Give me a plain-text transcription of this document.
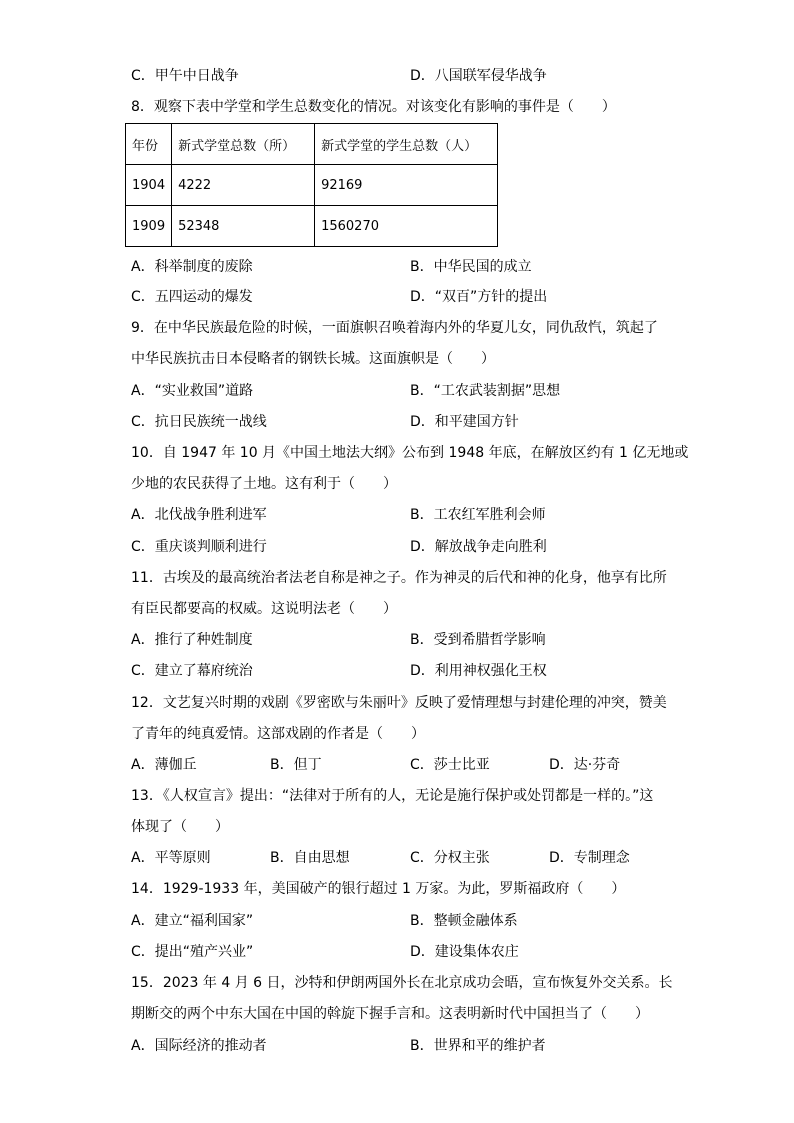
C．甲午中日战争	D．八国联军侵华战争
8．观察下表中学堂和学生总数变化的情况。对该变化有影响的事件是（　　）
年份	新式学堂总数（所）	新式学堂的学生总数（人）
1904	4222	92169
1909	52348	1560270
A．科举制度的废除	B．中华民国的成立
C．五四运动的爆发	D．“双百”方针的提出
9．在中华民族最危险的时候，一面旗帜召唤着海内外的华夏儿女，同仇敌忾，筑起了
中华民族抗击日本侵略者的钢铁长城。这面旗帜是（　　）
A．“实业救国”道路	B．“工农武装割据”思想
C．抗日民族统一战线	D．和平建国方针
10．自 1947 年 10 月《中国土地法大纲》公布到 1948 年底，在解放区约有 1 亿无地或
少地的农民获得了土地。这有利于（　　）
A．北伐战争胜利进军	B．工农红军胜利会师
C．重庆谈判顺利进行	D．解放战争走向胜利
11．古埃及的最高统治者法老自称是神之子。作为神灵的后代和神的化身，他享有比所
有臣民都要高的权威。这说明法老（　　）
A．推行了种姓制度	B．受到希腊哲学影响
C．建立了幕府统治	D．利用神权强化王权
12．文艺复兴时期的戏剧《罗密欧与朱丽叶》反映了爱情理想与封建伦理的冲突，赞美
了青年的纯真爱情。这部戏剧的作者是（　　）
A．薄伽丘	B．但丁	C．莎士比亚	D．达·芬奇
13．《人权宣言》提出：“法律对于所有的人，无论是施行保护或处罚都是一样的。”这
体现了（　　）
A．平等原则	B．自由思想	C．分权主张	D．专制理念
14．1929-1933 年，美国破产的银行超过 1 万家。为此，罗斯福政府（　　）
A．建立“福利国家”	B．整顿金融体系
C．提出“殖产兴业”	D．建设集体农庄
15．2023 年 4 月 6 日，沙特和伊朗两国外长在北京成功会晤，宣布恢复外交关系。长
期断交的两个中东大国在中国的斡旋下握手言和。这表明新时代中国担当了（　　）
A．国际经济的推动者	B．世界和平的维护者
